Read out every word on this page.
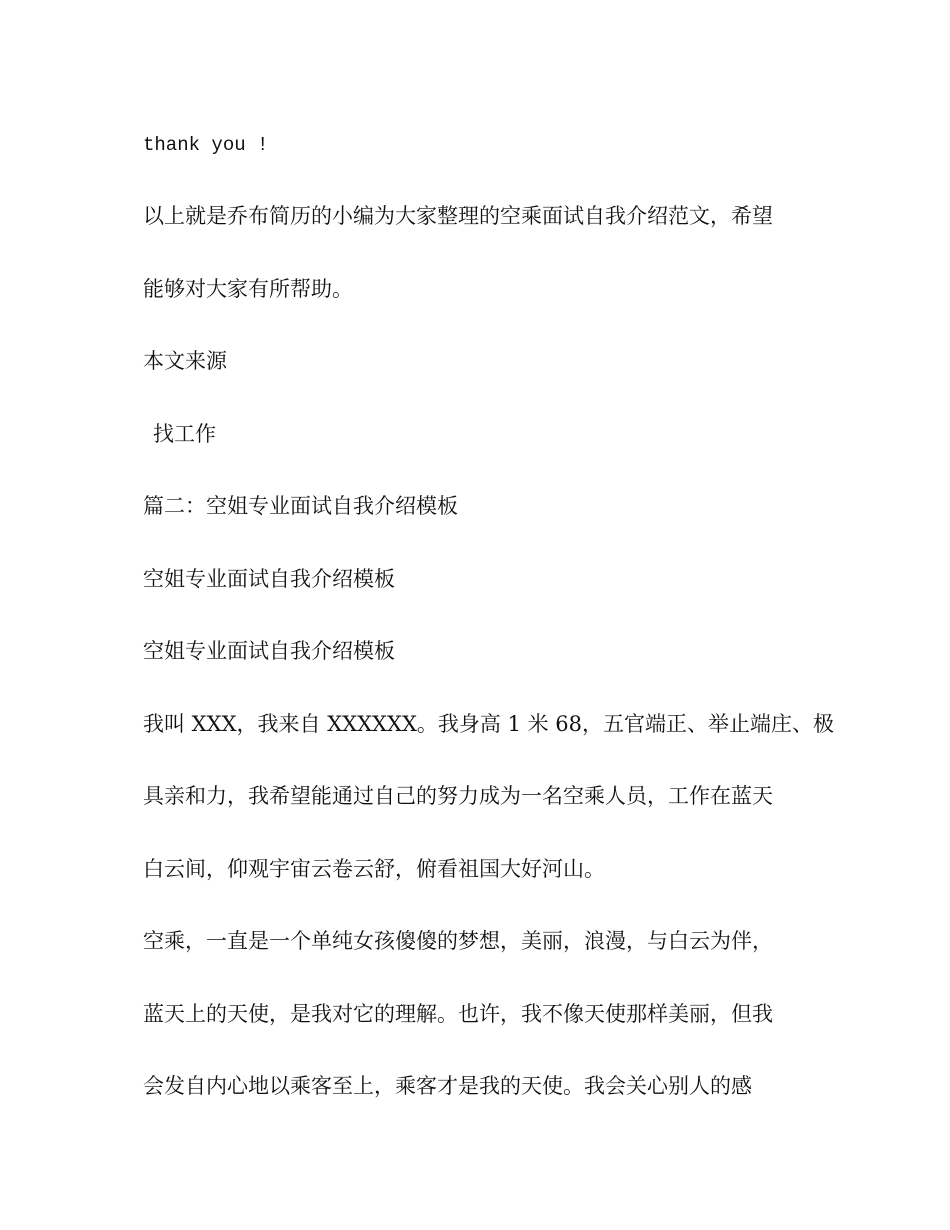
thank you !
以上就是乔布简历的小编为大家整理的空乘面试自我介绍范文，希望
能够对大家有所帮助。
本文来源
找工作
篇二：空姐专业面试自我介绍模板
空姐专业面试自我介绍模板
空姐专业面试自我介绍模板
我叫 XXX，我来自 XXXXXX。我身高 1 米 68，五官端正、举止端庄、极
具亲和力，我希望能通过自己的努力成为一名空乘人员，工作在蓝天
白云间，仰观宇宙云卷云舒，俯看祖国大好河山。
空乘，一直是一个单纯女孩傻傻的梦想，美丽，浪漫，与白云为伴，
蓝天上的天使，是我对它的理解。也许，我不像天使那样美丽，但我
会发自内心地以乘客至上，乘客才是我的天使。我会关心别人的感
